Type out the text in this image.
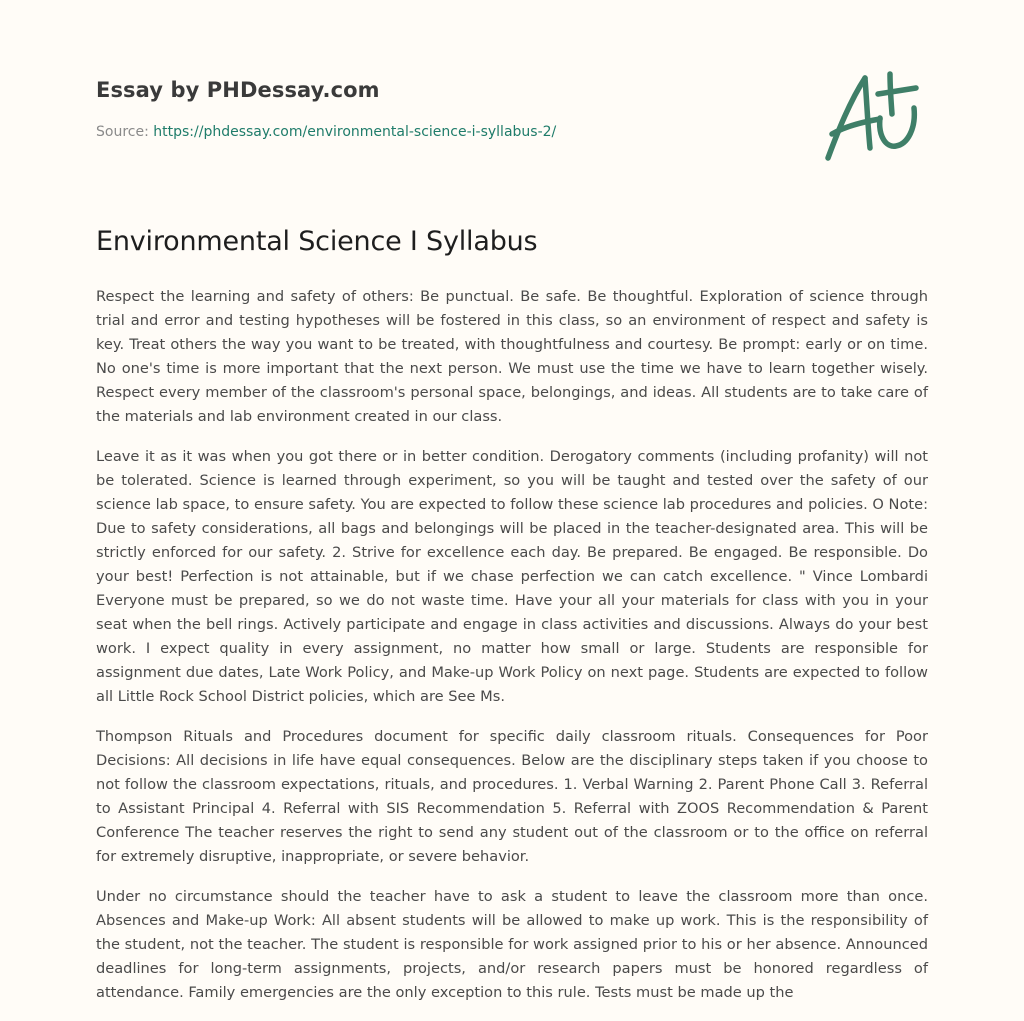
Essay by PHDessay.com
Source: https://phdessay.com/environmental-science-i-syllabus-2/
Environmental Science I Syllabus

Respect the learning and safety of others: Be punctual. Be safe. Be thoughtful. Exploration of science through trial and error and testing hypotheses will be fostered in this class, so an environment of respect and safety is key. Treat others the way you want to be treated, with thoughtfulness and courtesy. Be prompt: early or on time. No one's time is more important that the next person. We must use the time we have to learn together wisely. Respect every member of the classroom's personal space, belongings, and ideas. All students are to take care of the materials and lab environment created in our class.

Leave it as it was when you got there or in better condition. Derogatory comments (including profanity) will not be tolerated. Science is learned through experiment, so you will be taught and tested over the safety of our science lab space, to ensure safety. You are expected to follow these science lab procedures and policies. O Note: Due to safety considerations, all bags and belongings will be placed in the teacher-designated area. This will be strictly enforced for our safety. 2. Strive for excellence each day. Be prepared. Be engaged. Be responsible. Do your best! Perfection is not attainable, but if we chase perfection we can catch excellence. " Vince Lombardi Everyone must be prepared, so we do not waste time. Have your all your materials for class with you in your seat when the bell rings. Actively participate and engage in class activities and discussions. Always do your best work. I expect quality in every assignment, no matter how small or large. Students are responsible for assignment due dates, Late Work Policy, and Make-up Work Policy on next page. Students are expected to follow all Little Rock School District policies, which are See Ms.

Thompson Rituals and Procedures document for specific daily classroom rituals. Consequences for Poor Decisions: All decisions in life have equal consequences. Below are the disciplinary steps taken if you choose to not follow the classroom expectations, rituals, and procedures. 1. Verbal Warning 2. Parent Phone Call 3. Referral to Assistant Principal 4. Referral with SIS Recommendation 5. Referral with ZOOS Recommendation & Parent Conference The teacher reserves the right to send any student out of the classroom or to the office on referral for extremely disruptive, inappropriate, or severe behavior.

Under no circumstance should the teacher have to ask a student to leave the classroom more than once. Absences and Make-up Work: All absent students will be allowed to make up work. This is the responsibility of the student, not the teacher. The student is responsible for work assigned prior to his or her absence. Announced deadlines for long-term assignments, projects, and/or research papers must be honored regardless of attendance. Family emergencies are the only exception to this rule. Tests must be made up the
